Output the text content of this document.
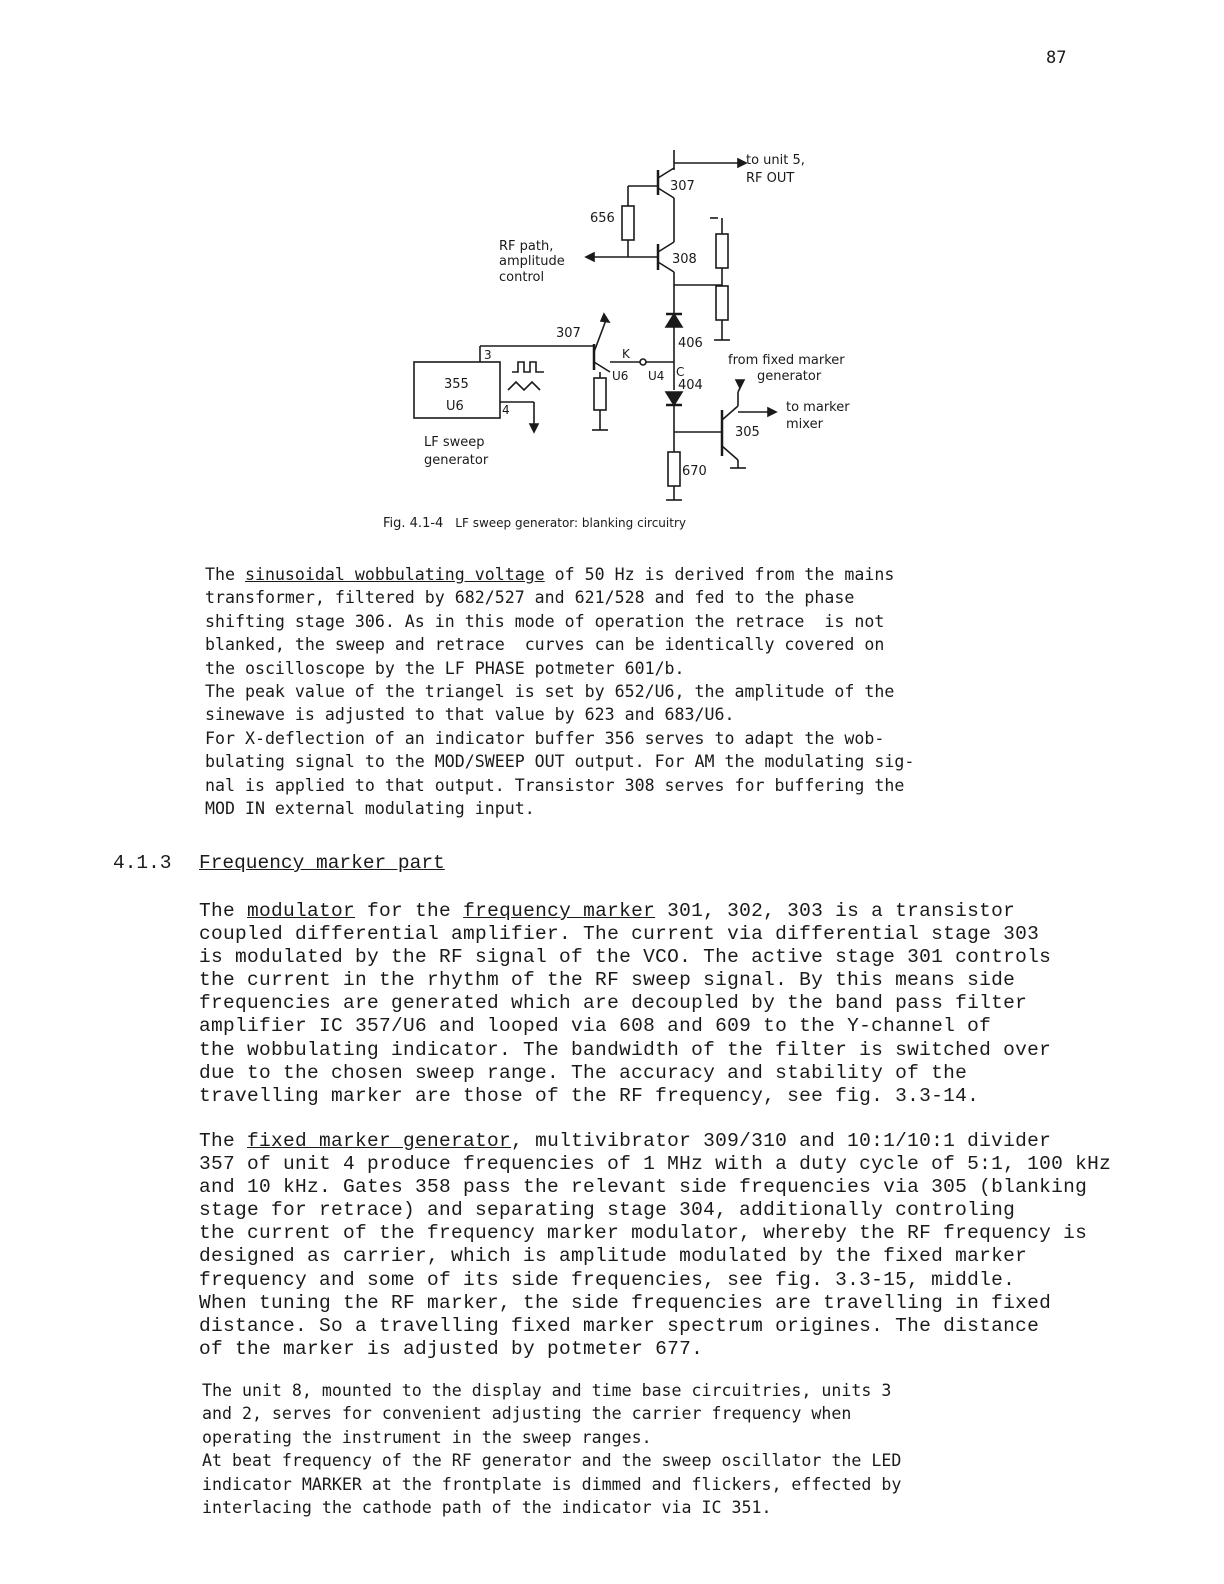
87
to unit 5,
RF OUT
307
656
RF path,
amplitude
control
308
307
406
K
C
U6 U4
404
355
U6
3
4
LF sweep
generator
from fixed marker
generator
to marker
mixer
305
670
Fig. 4.1-4 LF sweep generator: blanking circuitry

The sinusoidal wobbulating voltage of 50 Hz is derived from the mains
transformer, filtered by 682/527 and 621/528 and fed to the phase
shifting stage 306. As in this mode of operation the retrace  is not
blanked, the sweep and retrace  curves can be identically covered on
the oscilloscope by the LF PHASE potmeter 601/b.
The peak value of the triangel is set by 652/U6, the amplitude of the
sinewave is adjusted to that value by 623 and 683/U6.
For X-deflection of an indicator buffer 356 serves to adapt the wob-
bulating signal to the MOD/SWEEP OUT output. For AM the modulating sig-
nal is applied to that output. Transistor 308 serves for buffering the
MOD IN external modulating input.

4.1.3 Frequency marker part

The modulator for the frequency marker 301, 302, 303 is a transistor
coupled differential amplifier. The current via differential stage 303
is modulated by the RF signal of the VCO. The active stage 301 controls
the current in the rhythm of the RF sweep signal. By this means side
frequencies are generated which are decoupled by the band pass filter
amplifier IC 357/U6 and looped via 608 and 609 to the Y-channel of
the wobbulating indicator. The bandwidth of the filter is switched over
due to the chosen sweep range. The accuracy and stability of the
travelling marker are those of the RF frequency, see fig. 3.3-14.

The fixed marker generator, multivibrator 309/310 and 10:1/10:1 divider
357 of unit 4 produce frequencies of 1 MHz with a duty cycle of 5:1, 100 kHz
and 10 kHz. Gates 358 pass the relevant side frequencies via 305 (blanking
stage for retrace) and separating stage 304, additionally controling
the current of the frequency marker modulator, whereby the RF frequency is
designed as carrier, which is amplitude modulated by the fixed marker
frequency and some of its side frequencies, see fig. 3.3-15, middle.
When tuning the RF marker, the side frequencies are travelling in fixed
distance. So a travelling fixed marker spectrum origines. The distance
of the marker is adjusted by potmeter 677.

The unit 8, mounted to the display and time base circuitries, units 3
and 2, serves for convenient adjusting the carrier frequency when
operating the instrument in the sweep ranges.
At beat frequency of the RF generator and the sweep oscillator the LED
indicator MARKER at the frontplate is dimmed and flickers, effected by
interlacing the cathode path of the indicator via IC 351.
